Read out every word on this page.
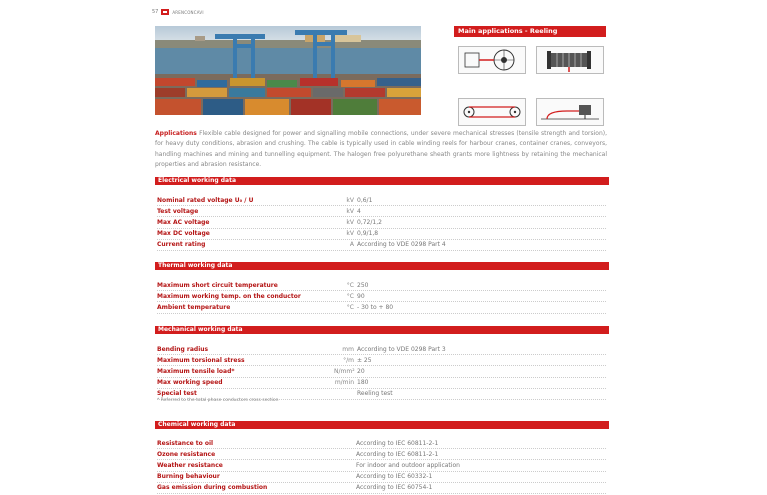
57	ARENCONCAVI
Main applications - Reeling
Applications Flexible cable designed for power and signalling mobile connections, under severe mechanical stresses (tensile strength and torsion), for heavy duty conditions, abrasion and crushing. The cable is typically used in cable winding reels for harbour cranes, container cranes, conveyors, handling machines and mining and tunnelling equipment. The halogen free polyurethane sheath grants more lightness by retaining the mechanical properties and abrasion resistance.
Electrical working data
Nominal rated voltage U₀ / U	kV 0,6/1
Test voltage	kV 4
Max AC voltage	kV 0,72/1,2
Max DC voltage	kV 0,9/1,8
Current rating	A According to VDE 0298 Part 4
Thermal working data
Maximum short circuit temperature	°C 250
Maximum working temp. on the conductor	°C 90
Ambient temperature	°C - 30 to + 80
Mechanical working data
Bending radius	mm According to VDE 0298 Part 3
Maximum torsional stress	°/m ± 25
Maximum tensile load*	N/mm² 20
Max working speed	m/min 180
Special test	Reeling test
* Referred to the total phase conductors cross section
Chemical working data
Resistance to oil	According to IEC 60811-2-1
Ozone resistance	According to IEC 60811-2-1
Weather resistance	For indoor and outdoor application
Burning behaviour	According to IEC 60332-1
Gas emission during combustion	According to IEC 60754-1
